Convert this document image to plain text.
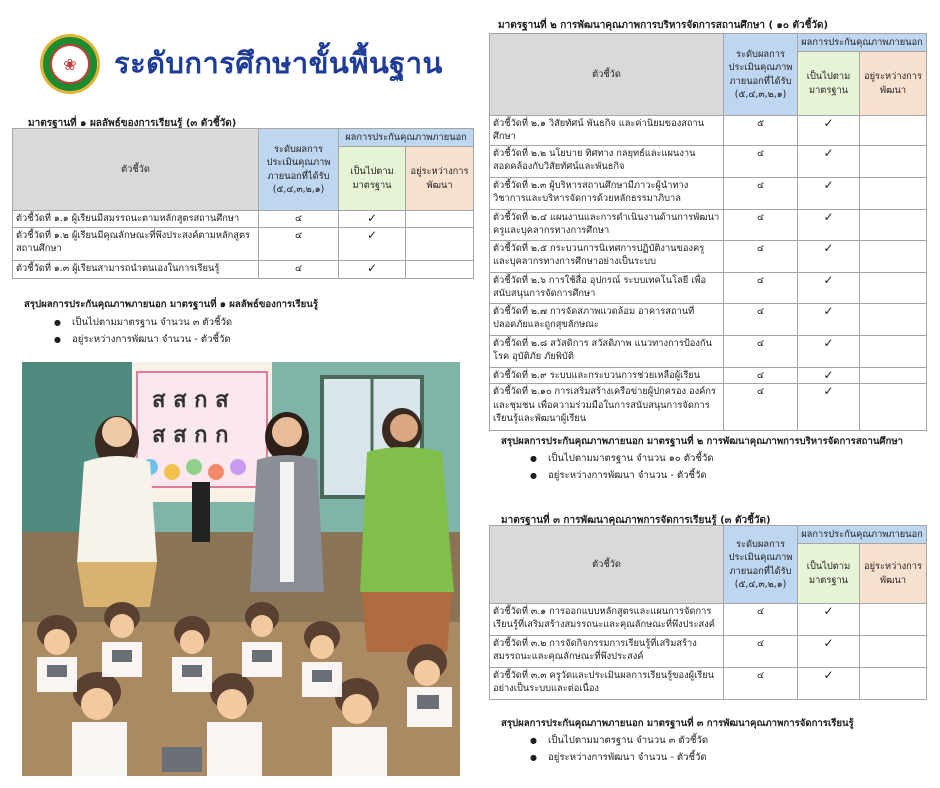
❀	ระดับการศึกษาขั้นพื้นฐาน
มาตรฐานที่ ๑ ผลลัพธ์ของการเรียนรู้ (๓ ตัวชี้วัด)
ตัวชี้วัด	ระดับผลการประเมินคุณภาพภายนอกที่ได้รับ
(๕,๔,๓,๒,๑)	ผลการประกันคุณภาพภายนอก	
		เป็นไปตามมาตรฐาน	อยู่ระหว่างการพัฒนา
ตัวชี้วัดที่ ๑.๑ ผู้เรียนมีสมรรถนะตามหลักสูตรสถานศึกษา	๔	✓	
ตัวชี้วัดที่ ๑.๒ ผู้เรียนมีคุณลักษณะที่พึงประสงค์ตามหลักสูตรสถานศึกษา	๔	✓	
ตัวชี้วัดที่ ๑.๓ ผู้เรียนสามารถนำตนเองในการเรียนรู้	๔	✓	
สรุปผลการประกันคุณภาพภายนอก มาตรฐานที่ ๑ ผลลัพธ์ของการเรียนรู้
● เป็นไปตามมาตรฐาน จำนวน ๓ ตัวชี้วัด
● อยู่ระหว่างการพัฒนา จำนวน - ตัวชี้วัด
ส ส ก ส
ส ส ก ก
มาตรฐานที่ ๒ การพัฒนาคุณภาพการบริหารจัดการสถานศึกษา ( ๑๐ ตัวชี้วัด)
ตัวชี้วัด	ระดับผลการประเมินคุณภาพภายนอกที่ได้รับ
(๕,๔,๓,๒,๑)	ผลการประกันคุณภาพภายนอก	
		เป็นไปตามมาตรฐาน	อยู่ระหว่างการพัฒนา
ตัวชี้วัดที่ ๒.๑ วิสัยทัศน์ พันธกิจ และค่านิยมของสถานศึกษา	๕	✓	
ตัวชี้วัดที่ ๒.๒ นโยบาย ทิศทาง กลยุทธ์และแผนงานสอดคล้องกับวิสัยทัศน์และพันธกิจ	๔	✓	
ตัวชี้วัดที่ ๒.๓ ผู้บริหารสถานศึกษามีภาวะผู้นำทางวิชาการและบริหารจัดการด้วยหลักธรรมาภิบาล	๔	✓	
ตัวชี้วัดที่ ๒.๔ แผนงานและการดำเนินงานด้านการพัฒนาครูและบุคลากรทางการศึกษา	๔	✓	
ตัวชี้วัดที่ ๒.๕ กระบวนการนิเทศการปฏิบัติงานของครูและบุคลากรทางการศึกษาอย่างเป็นระบบ	๔	✓	
ตัวชี้วัดที่ ๒.๖ การใช้สื่อ อุปกรณ์ ระบบเทคโนโลยี เพื่อสนับสนุนการจัดการศึกษา	๔	✓	
ตัวชี้วัดที่ ๒.๗ การจัดสภาพแวดล้อม อาคารสถานที่ ปลอดภัยและถูกสุขลักษณะ	๔	✓	
ตัวชี้วัดที่ ๒.๘ สวัสดิการ สวัสดิภาพ แนวทางการป้องกันโรค อุบัติภัย ภัยพิบัติ	๔	✓	
ตัวชี้วัดที่ ๒.๙ ระบบและกระบวนการช่วยเหลือผู้เรียน	๔	✓	
ตัวชี้วัดที่ ๒.๑๐ การเสริมสร้างเครือข่ายผู้ปกครอง องค์กร และชุมชน เพื่อความร่วมมือในการสนับสนุนการจัดการเรียนรู้และพัฒนาผู้เรียน	๔	✓	
สรุปผลการประกันคุณภาพภายนอก มาตรฐานที่ ๒ การพัฒนาคุณภาพการบริหารจัดการสถานศึกษา
● เป็นไปตามมาตรฐาน จำนวน ๑๐ ตัวชี้วัด
● อยู่ระหว่างการพัฒนา จำนวน - ตัวชี้วัด
มาตรฐานที่ ๓ การพัฒนาคุณภาพการจัดการเรียนรู้ (๓ ตัวชี้วัด)
ตัวชี้วัด	ระดับผลการประเมินคุณภาพภายนอกที่ได้รับ
(๕,๔,๓,๒,๑)	ผลการประกันคุณภาพภายนอก	
		เป็นไปตามมาตรฐาน	อยู่ระหว่างการพัฒนา
ตัวชี้วัดที่ ๓.๑ การออกแบบหลักสูตรและแผนการจัดการเรียนรู้ที่เสริมสร้างสมรรถนะและคุณลักษณะที่พึงประสงค์	๔	✓	
ตัวชี้วัดที่ ๓.๒ การจัดกิจกรรมการเรียนรู้ที่เสริมสร้างสมรรถนะและคุณลักษณะที่พึงประสงค์	๔	✓	
ตัวชี้วัดที่ ๓.๓ ครูวัดและประเมินผลการเรียนรู้ของผู้เรียนอย่างเป็นระบบและต่อเนื่อง	๔	✓	
สรุปผลการประกันคุณภาพภายนอก มาตรฐานที่ ๓ การพัฒนาคุณภาพการจัดการเรียนรู้
● เป็นไปตามมาตรฐาน จำนวน ๓ ตัวชี้วัด
● อยู่ระหว่างการพัฒนา จำนวน - ตัวชี้วัด
